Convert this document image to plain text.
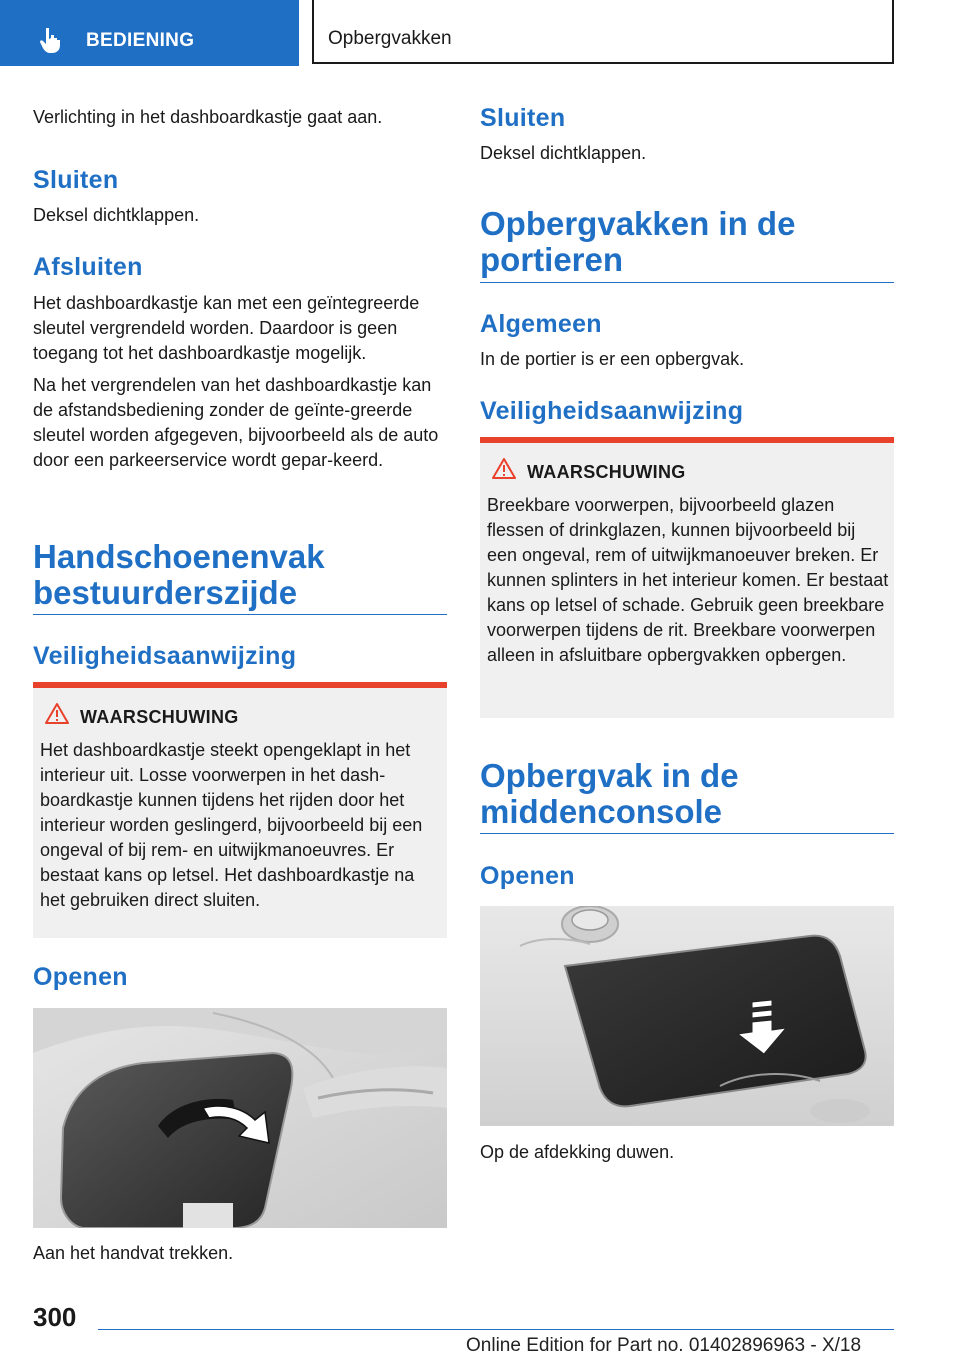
BEDIENING	Opbergvakken

Verlichting in het dashboardkastje gaat aan.

Sluiten

Deksel dichtklappen.

Afsluiten

Het dashboardkastje kan met een geïntegreerde sleutel vergrendeld worden. Daardoor is geen toegang tot het dashboardkastje mogelijk.

Na het vergrendelen van het dashboardkastje kan de afstandsbediening zonder de geïnte-greerde sleutel worden afgegeven, bijvoorbeeld als de auto door een parkeerservice wordt gepar-keerd.

Handschoenenvak bestuurderszijde
Veiligheidsaanwijzing
WAARSCHUWING

Het dashboardkastje steekt opengeklapt in het interieur uit. Losse voorwerpen in het dash-boardkastje kunnen tijdens het rijden door het interieur worden geslingerd, bijvoorbeeld bij een ongeval of bij rem- en uitwijkmanoeuvres. Er bestaat kans op letsel. Het dashboardkastje na het gebruiken direct sluiten.

Openen

Aan het handvat trekken.

Sluiten

Deksel dichtklappen.

Opbergvakken in de portieren
Algemeen

In de portier is er een opbergvak.

Veiligheidsaanwijzing
WAARSCHUWING

Breekbare voorwerpen, bijvoorbeeld glazen flessen of drinkglazen, kunnen bijvoorbeeld bij een ongeval, rem of uitwijkmanoeuver breken. Er kunnen splinters in het interieur komen. Er bestaat kans op letsel of schade. Gebruik geen breekbare voorwerpen tijdens de rit. Breekbare voorwerpen alleen in afsluitbare opbergvakken opbergen.

Opbergvak in de middenconsole
Openen

Op de afdekking duwen.

300
Online Edition for Part no. 01402896963 - X/18
